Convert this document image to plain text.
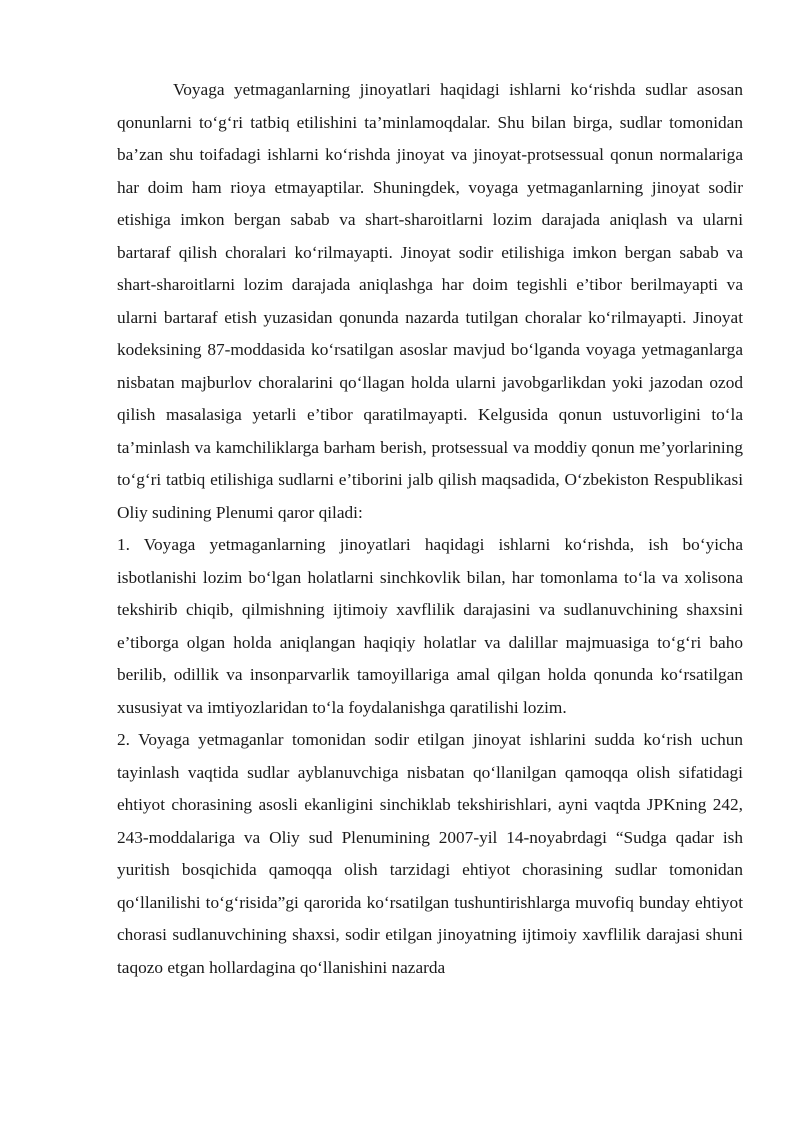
Voyaga yetmaganlarning jinoyatlari haqidagi ishlarni ko‘rishda sudlar asosan qonunlarni to‘g‘ri tatbiq etilishini ta’minlamoqdalar. Shu bilan birga, sudlar tomonidan ba’zan shu toifadagi ishlarni ko‘rishda jinoyat va jinoyat-protsessual qonun normalariga har doim ham rioya etmayaptilar. Shuningdek, voyaga yetmaganlarning jinoyat sodir etishiga imkon bergan sabab va shart-sharoitlarni lozim darajada aniqlash va ularni bartaraf qilish choralari ko‘rilmayapti. Jinoyat sodir etilishiga imkon bergan sabab va shart-sharoitlarni lozim darajada aniqlashga har doim tegishli e’tibor berilmayapti va ularni bartaraf etish yuzasidan qonunda nazarda tutilgan choralar ko‘rilmayapti. Jinoyat kodeksining 87-moddasida ko‘rsatilgan asoslar mavjud bo‘lganda voyaga yetmaganlarga nisbatan majburlov choralarini qo‘llagan holda ularni javobgarlikdan yoki jazodan ozod qilish masalasiga yetarli e’tibor qaratilmayapti. Kelgusida qonun ustuvorligini to‘la ta’minlash va kamchiliklarga barham berish, protsessual va moddiy qonun me’yorlarining to‘g‘ri tatbiq etilishiga sudlarni e’tiborini jalb qilish maqsadida, O‘zbekiston Respublikasi Oliy sudining Plenumi qaror qiladi:

1. Voyaga yetmaganlarning jinoyatlari haqidagi ishlarni ko‘rishda, ish bo‘yicha isbotlanishi lozim bo‘lgan holatlarni sinchkovlik bilan, har tomonlama to‘la va xolisona tekshirib chiqib, qilmishning ijtimoiy xavflilik darajasini va sudlanuvchining shaxsini e’tiborga olgan holda aniqlangan haqiqiy holatlar va dalillar majmuasiga to‘g‘ri baho berilib, odillik va insonparvarlik tamoyillariga amal qilgan holda qonunda ko‘rsatilgan xususiyat va imtiyozlaridan to‘la foydalanishga qaratilishi lozim.

2. Voyaga yetmaganlar tomonidan sodir etilgan jinoyat ishlarini sudda ko‘rish uchun tayinlash vaqtida sudlar ayblanuvchiga nisbatan qo‘llanilgan qamoqqa olish sifatidagi ehtiyot chorasining asosli ekanligini sinchiklab tekshirishlari, ayni vaqtda JPKning 242, 243-moddalariga va Oliy sud Plenumining 2007-yil 14-noyabrdagi “Sudga qadar ish yuritish bosqichida qamoqqa olish tarzidagi ehtiyot chorasining sudlar tomonidan qo‘llanilishi to‘g‘risida”gi qarorida ko‘rsatilgan tushuntirishlarga muvofiq bunday ehtiyot chorasi sudlanuvchining shaxsi, sodir etilgan jinoyatning ijtimoiy xavflilik darajasi shuni taqozo etgan hollardagina qo‘llanishini nazarda
